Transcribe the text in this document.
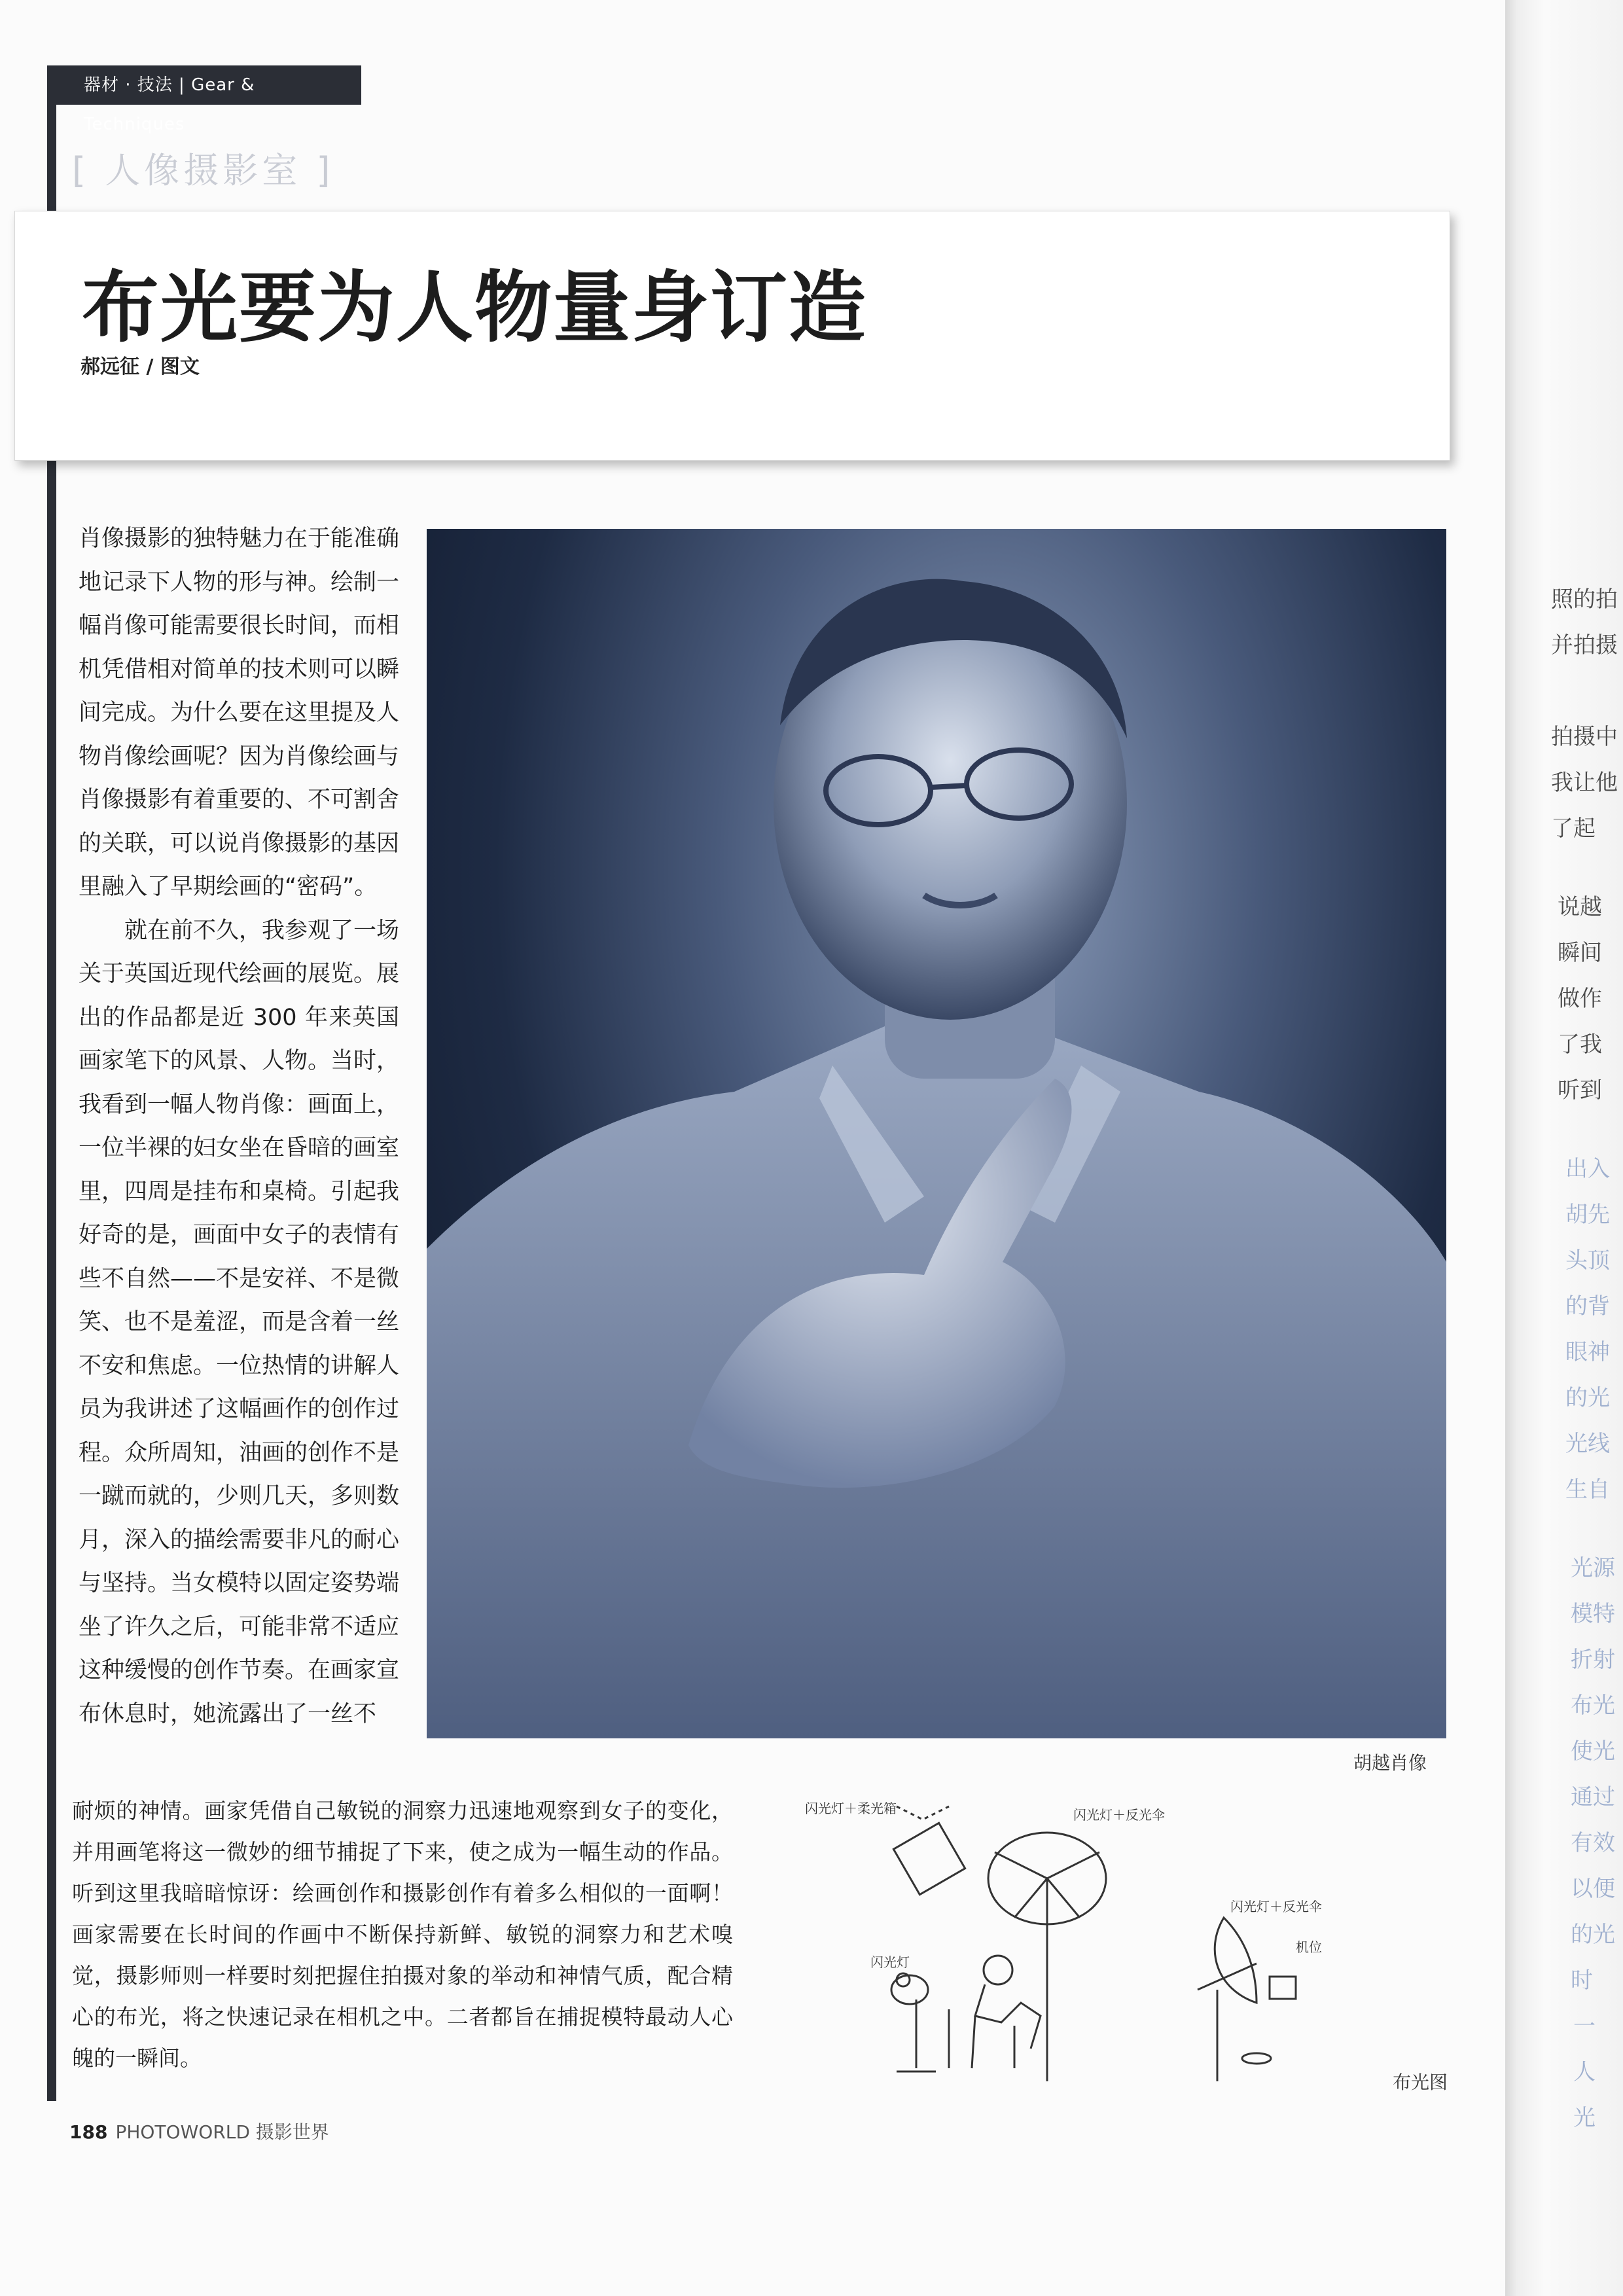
器材 · 技法 | Gear & Techniques
[ 人像摄影室 ]
布光要为人物量身订造
郝远征 / 图文

肖像摄影的独特魅力在于能准确地记录下人物的形与神。绘制一幅肖像可能需要很长时间，而相机凭借相对简单的技术则可以瞬间完成。为什么要在这里提及人物肖像绘画呢？因为肖像绘画与肖像摄影有着重要的、不可割舍的关联，可以说肖像摄影的基因里融入了早期绘画的“密码”。

就在前不久，我参观了一场关于英国近现代绘画的展览。展出的作品都是近 300 年来英国画家笔下的风景、人物。当时，我看到一幅人物肖像：画面上，一位半裸的妇女坐在昏暗的画室里，四周是挂布和桌椅。引起我好奇的是，画面中女子的表情有些不自然——不是安祥、不是微笑、也不是羞涩，而是含着一丝不安和焦虑。一位热情的讲解人员为我讲述了这幅画作的创作过程。众所周知，油画的创作不是一蹴而就的，少则几天，多则数月，深入的描绘需要非凡的耐心与坚持。当女模特以固定姿势端坐了许久之后，可能非常不适应这种缓慢的创作节奏。在画家宣布休息时，她流露出了一丝不

胡越肖像

耐烦的神情。画家凭借自己敏锐的洞察力迅速地观察到女子的变化，并用画笔将这一微妙的细节捕捉了下来，使之成为一幅生动的作品。听到这里我暗暗惊讶：绘画创作和摄影创作有着多么相似的一面啊！画家需要在长时间的作画中不断保持新鲜、敏锐的洞察力和艺术嗅觉，摄影师则一样要时刻把握住拍摄对象的举动和神情气质，配合精心的布光，将之快速记录在相机之中。二者都旨在捕捉模特最动人心魄的一瞬间。

闪光灯＋柔光箱	闪光灯＋反光伞
闪光灯＋反光伞
机位
闪光灯
布光图
188 PHOTOWORLD 摄影世界
照的拍
并拍摄
拍摄中
我让他
了起
说越
瞬间
做作
了我
听到
出入
胡先
头顶
的背
眼神
的光
光线
生自
光源
模特
折射
布光
使光
通过
有效
以便
的光
时
一
人
光
